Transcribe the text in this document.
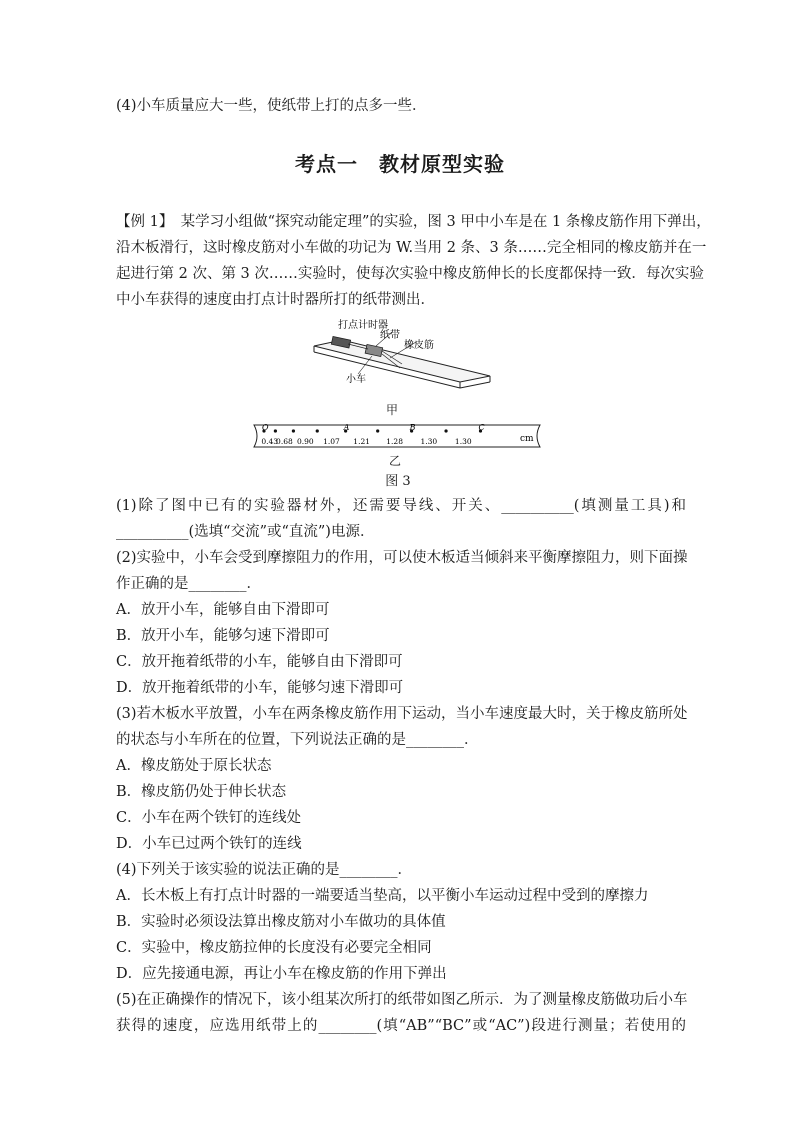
(4)小车质量应大一些，使纸带上打的点多一些．
考点一　教材原型实验
【例 1】　某学习小组做“探究动能定理”的实验，图 3 甲中小车是在 1 条橡皮筋作用下弹出，
沿木板滑行，这时橡皮筋对小车做的功记为 W.当用 2 条、3 条……完全相同的橡皮筋并在一
起进行第 2 次、第 3 次……实验时，使每次实验中橡皮筋伸长的长度都保持一致．每次实验
中小车获得的速度由打点计时器所打的纸带测出．
打点计时器
纸带
橡皮筋
小车
甲
O	A	B	C
0.43
0.68 0.90 1.07 1.21 1.28 1.30 1.30	cm
乙
图 3
(1)除了图中已有的实验器材外，还需要导线、开关、__________(填测量工具)和
__________(选填“交流”或“直流”)电源．
(2)实验中，小车会受到摩擦阻力的作用，可以使木板适当倾斜来平衡摩擦阻力，则下面操
作正确的是________．
A．放开小车，能够自由下滑即可
B．放开小车，能够匀速下滑即可
C．放开拖着纸带的小车，能够自由下滑即可
D．放开拖着纸带的小车，能够匀速下滑即可
(3)若木板水平放置，小车在两条橡皮筋作用下运动，当小车速度最大时，关于橡皮筋所处
的状态与小车所在的位置，下列说法正确的是________．
A．橡皮筋处于原长状态
B．橡皮筋仍处于伸长状态
C．小车在两个铁钉的连线处
D．小车已过两个铁钉的连线
(4)下列关于该实验的说法正确的是________．
A．长木板上有打点计时器的一端要适当垫高，以平衡小车运动过程中受到的摩擦力
B．实验时必须设法算出橡皮筋对小车做功的具体值
C．实验中，橡皮筋拉伸的长度没有必要完全相同
D．应先接通电源，再让小车在橡皮筋的作用下弹出
(5)在正确操作的情况下，该小组某次所打的纸带如图乙所示．为了测量橡皮筋做功后小车
获得的速度，应选用纸带上的________(填“AB”“BC”或“AC”)段进行测量；若使用的
